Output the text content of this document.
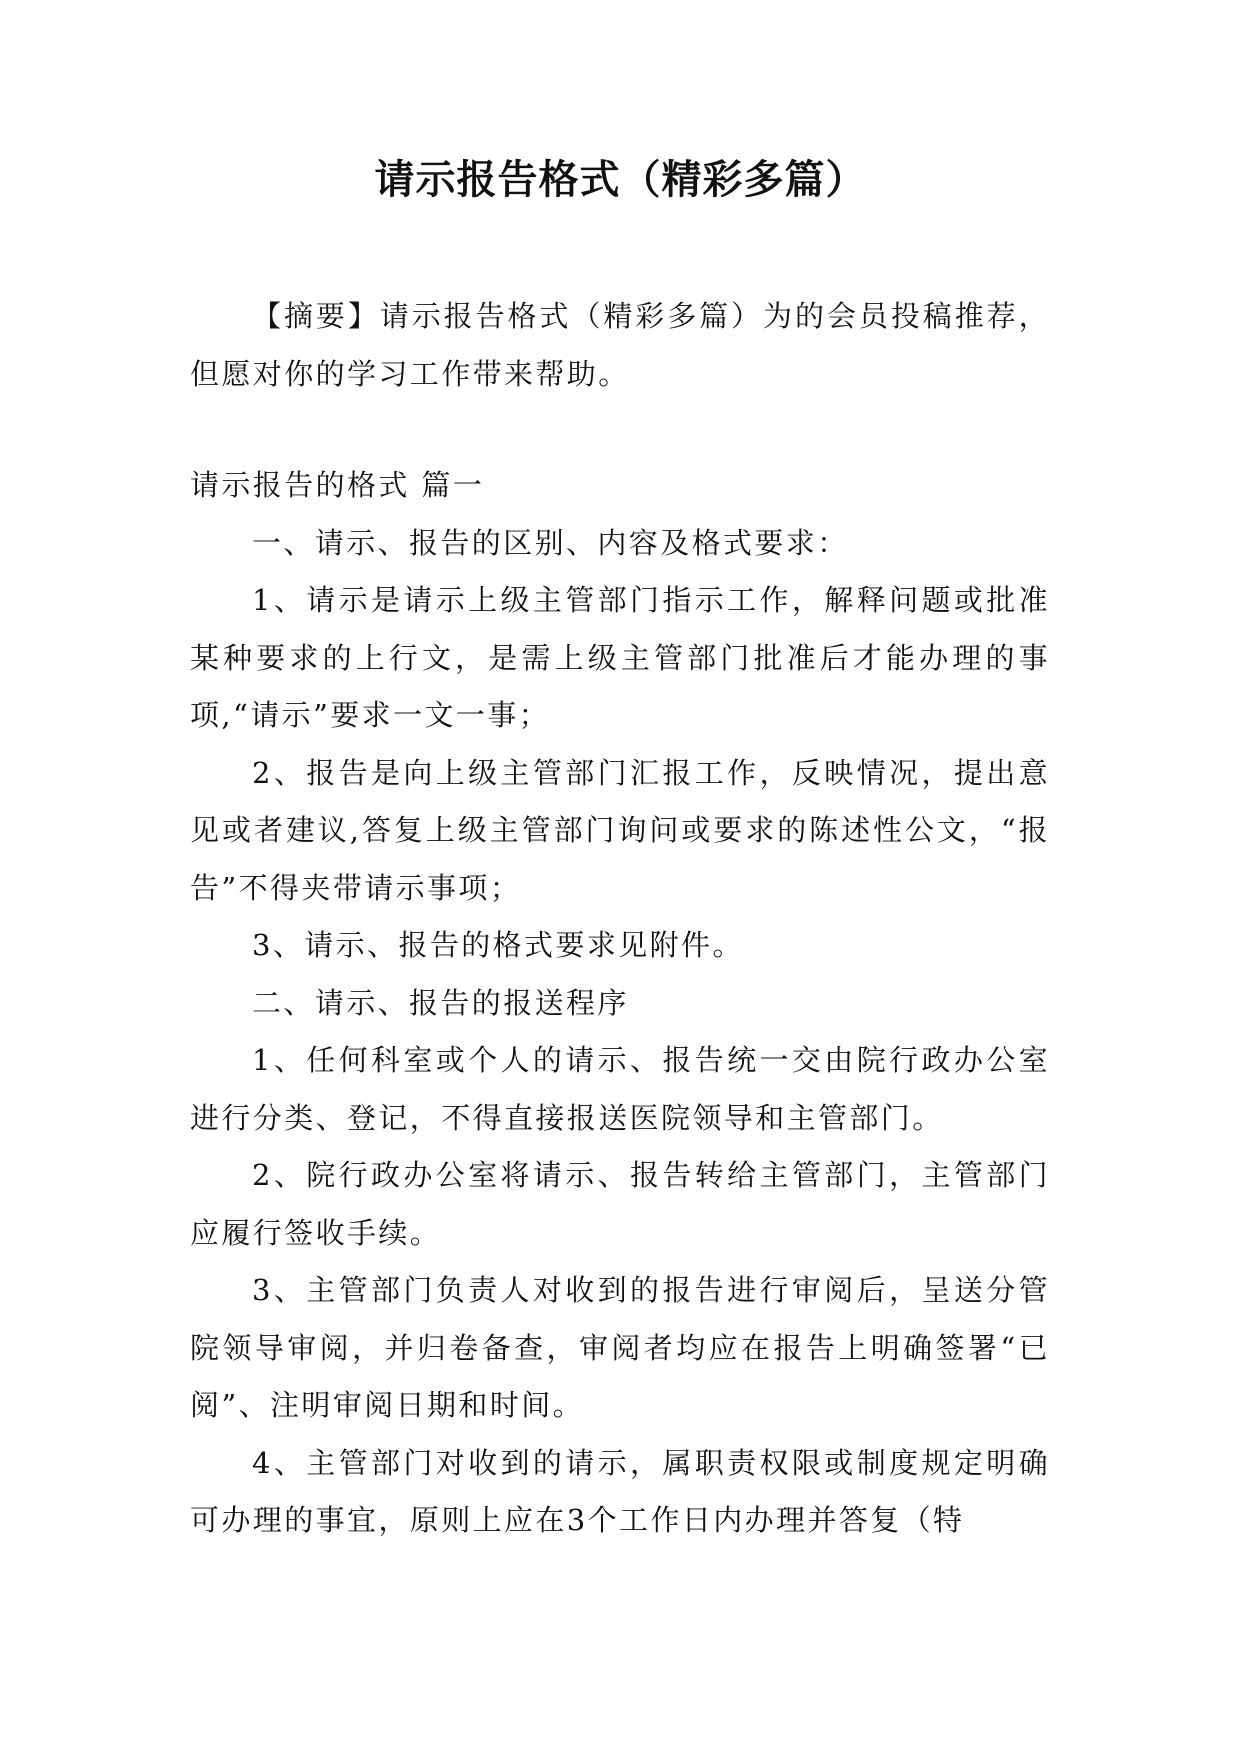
请示报告格式（精彩多篇）

【摘要】请示报告格式（精彩多篇）为的会员投稿推荐，但愿对你的学习工作带来帮助。

请示报告的格式 篇一

一、请示、报告的区别、内容及格式要求：

1、请示是请示上级主管部门指示工作，解释问题或批准某种要求的上行文，是需上级主管部门批准后才能办理的事项,“请示”要求一文一事；

2、报告是向上级主管部门汇报工作，反映情况，提出意见或者建议,答复上级主管部门询问或要求的陈述性公文，“报告”不得夹带请示事项；

3、请示、报告的格式要求见附件。

二、请示、报告的报送程序

1、任何科室或个人的请示、报告统一交由院行政办公室进行分类、登记，不得直接报送医院领导和主管部门。

2、院行政办公室将请示、报告转给主管部门，主管部门应履行签收手续。

3、主管部门负责人对收到的报告进行审阅后，呈送分管院领导审阅，并归卷备查，审阅者均应在报告上明确签署“已阅”、注明审阅日期和时间。

4、主管部门对收到的请示，属职责权限或制度规定明确可办理的事宜，原则上应在3个工作日内办理并答复（特
